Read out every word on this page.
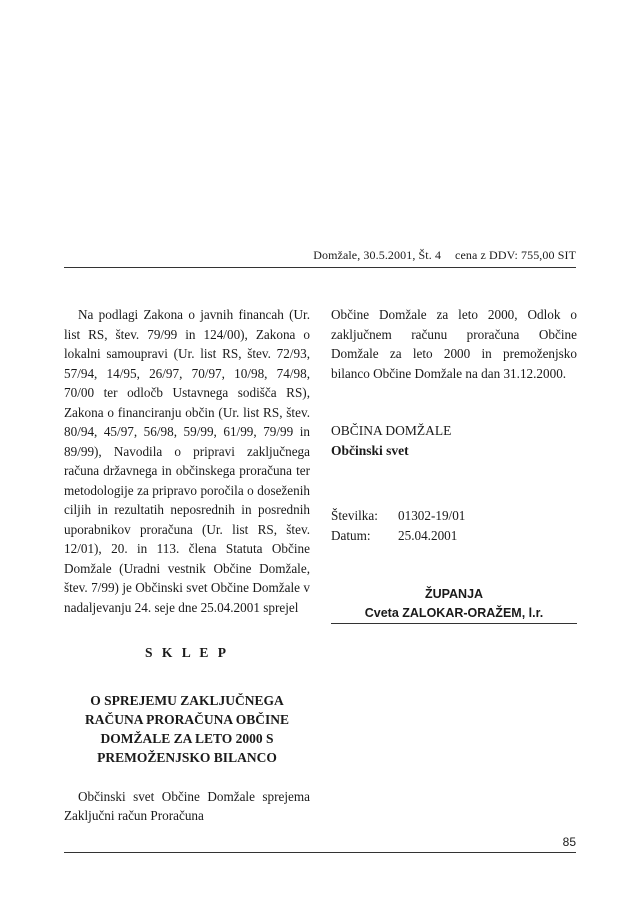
Domžale, 30.5.2001, Št. 4 cena z DDV: 755,00 SIT

Na podlagi Zakona o javnih financah (Ur. list RS, štev. 79/99 in 124/00), Zakona o lokalni samoupravi (Ur. list RS, štev. 72/93, 57/94, 14/95, 26/97, 70/97, 10/98, 74/98, 70/00 ter odločb Ustavnega sodišča RS), Zakona o financiranju občin (Ur. list RS, štev. 80/94, 45/97, 56/98, 59/99, 61/99, 79/99 in 89/99), Navodila o pripravi zaključnega računa državnega in občinskega proračuna ter metodologije za pripravo poročila o doseženih ciljih in rezultatih neposrednih in posrednih uporabnikov proračuna (Ur. list RS, štev. 12/01), 20. in 113. člena Statuta Občine Domžale (Uradni vestnik Občine Domžale, štev. 7/99) je Občinski svet Občine Domžale v nadaljevanju 24. seje dne 25.04.2001 sprejel

S K L E P
O SPREJEMU ZAKLJUČNEGA RAČUNA PRORAČUNA OBČINE DOMŽALE ZA LETO 2000 S PREMOŽENJSKO BILANCO

Občinski svet Občine Domžale sprejema Zaključni račun Proračuna

Občine Domžale za leto 2000, Odlok o zaključnem računu proračuna Občine Domžale za leto 2000 in premoženjsko bilanco Občine Domžale na dan 31.12.2000.

OBČINA DOMŽALE
Občinski svet
Številka:	01302-19/01
Datum:	25.04.2001
ŽUPANJA
Cveta ZALOKAR-ORAŽEM, l.r.
85
